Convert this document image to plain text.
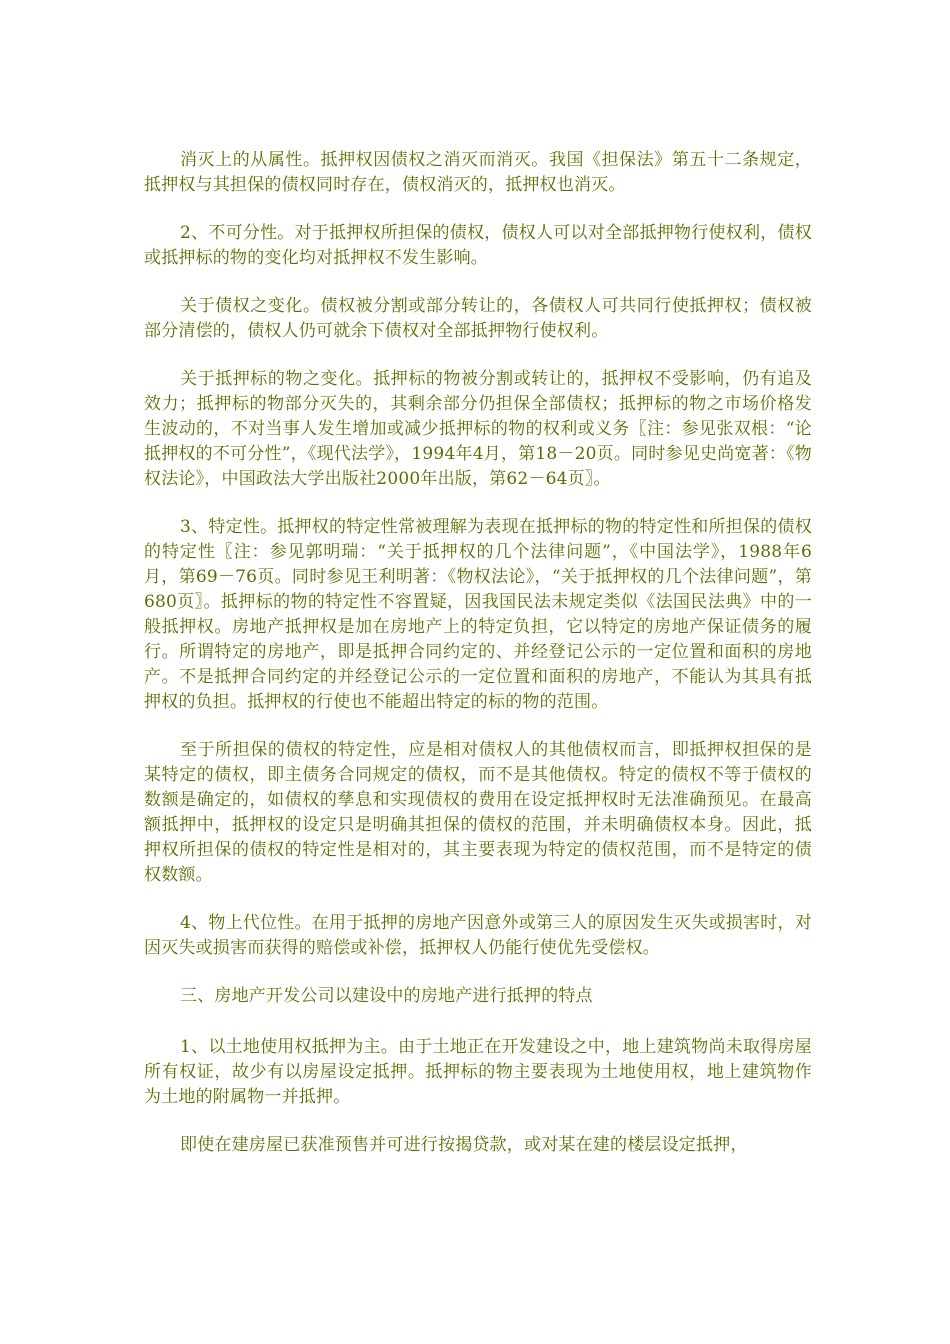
消灭上的从属性。抵押权因债权之消灭而消灭。我国《担保法》第五十二条规定，抵押权与其担保的债权同时存在，债权消灭的，抵押权也消灭。

2、不可分性。对于抵押权所担保的债权，债权人可以对全部抵押物行使权利，债权或抵押标的物的变化均对抵押权不发生影响。

关于债权之变化。债权被分割或部分转让的，各债权人可共同行使抵押权；债权被部分清偿的，债权人仍可就余下债权对全部抵押物行使权利。

关于抵押标的物之变化。抵押标的物被分割或转让的，抵押权不受影响，仍有追及效力；抵押标的物部分灭失的，其剩余部分仍担保全部债权；抵押标的物之市场价格发生波动的，不对当事人发生增加或减少抵押标的物的权利或义务〖注：参见张双根：“论抵押权的不可分性”，《现代法学》，1994年4月，第18－20页。同时参见史尚宽著：《物权法论》，中国政法大学出版社2000年出版，第62－64页〗。

3、特定性。抵押权的特定性常被理解为表现在抵押标的物的特定性和所担保的债权的特定性〖注：参见郭明瑞：“关于抵押权的几个法律问题”，《中国法学》，1988年6月，第69－76页。同时参见王利明著：《物权法论》，“关于抵押权的几个法律问题”，第680页〗。抵押标的物的特定性不容置疑，因我国民法未规定类似《法国民法典》中的一般抵押权。房地产抵押权是加在房地产上的特定负担，它以特定的房地产保证债务的履行。所谓特定的房地产，即是抵押合同约定的、并经登记公示的一定位置和面积的房地产。不是抵押合同约定的并经登记公示的一定位置和面积的房地产，不能认为其具有抵押权的负担。抵押权的行使也不能超出特定的标的物的范围。

至于所担保的债权的特定性，应是相对债权人的其他债权而言，即抵押权担保的是某特定的债权，即主债务合同规定的债权，而不是其他债权。特定的债权不等于债权的数额是确定的，如债权的孳息和实现债权的费用在设定抵押权时无法准确预见。在最高额抵押中，抵押权的设定只是明确其担保的债权的范围，并未明确债权本身。因此，抵押权所担保的债权的特定性是相对的，其主要表现为特定的债权范围，而不是特定的债权数额。

4、物上代位性。在用于抵押的房地产因意外或第三人的原因发生灭失或损害时，对因灭失或损害而获得的赔偿或补偿，抵押权人仍能行使优先受偿权。

三、房地产开发公司以建设中的房地产进行抵押的特点

1、以土地使用权抵押为主。由于土地正在开发建设之中，地上建筑物尚未取得房屋所有权证，故少有以房屋设定抵押。抵押标的物主要表现为土地使用权，地上建筑物作为土地的附属物一并抵押。

即使在建房屋已获准预售并可进行按揭贷款，或对某在建的楼层设定抵押，
